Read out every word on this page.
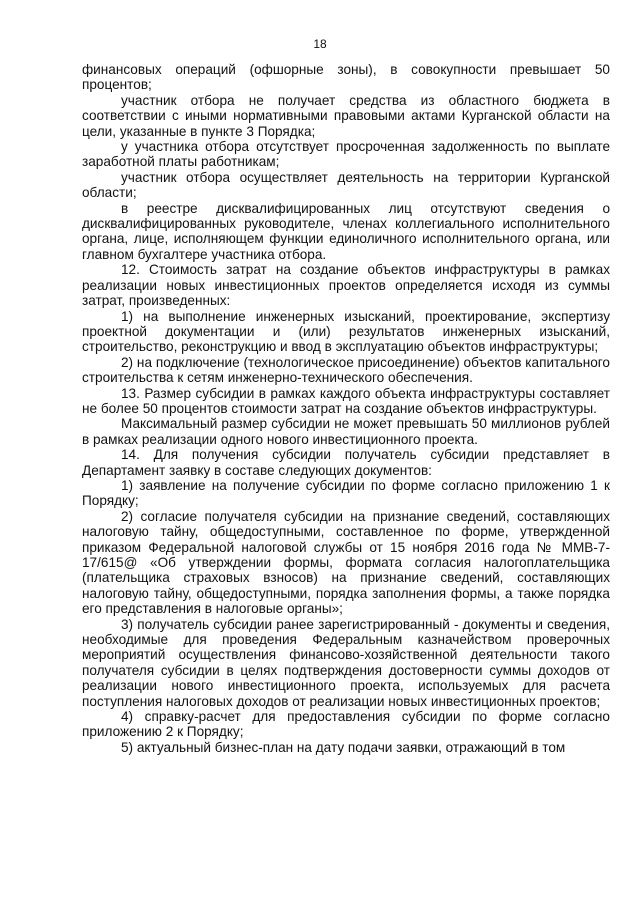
18

финансовых операций (офшорные зоны), в совокупности превышает 50 процентов;

участник отбора не получает средства из областного бюджета в соответствии с иными нормативными правовыми актами Курганской области на цели, указанные в пункте 3 Порядка;

у участника отбора отсутствует просроченная задолженность по выплате заработной платы работникам;

участник отбора осуществляет деятельность на территории Курганской области;

в реестре дисквалифицированных лиц отсутствуют сведения о дисквалифицированных руководителе, членах коллегиального исполнительного органа, лице, исполняющем функции единоличного исполнительного органа, или главном бухгалтере участника отбора.

12. Стоимость затрат на создание объектов инфраструктуры в рамках реализации новых инвестиционных проектов определяется исходя из суммы затрат, произведенных:

1) на выполнение инженерных изысканий, проектирование, экспертизу проектной документации и (или) результатов инженерных изысканий, строительство, реконструкцию и ввод в эксплуатацию объектов инфраструктуры;

2) на подключение (технологическое присоединение) объектов капитального строительства к сетям инженерно-технического обеспечения.

13. Размер субсидии в рамках каждого объекта инфраструктуры составляет не более 50 процентов стоимости затрат на создание объектов инфраструктуры.

Максимальный размер субсидии не может превышать 50 миллионов рублей в рамках реализации одного нового инвестиционного проекта.

14. Для получения субсидии получатель субсидии представляет в Департамент заявку в составе следующих документов:

1) заявление на получение субсидии по форме согласно приложению 1 к Порядку;

2) согласие получателя субсидии на признание сведений, составляющих налоговую тайну, общедоступными, составленное по форме, утвержденной приказом Федеральной налоговой службы от 15 ноября 2016 года № ММВ-7-17/615@ «Об утверждении формы, формата согласия налогоплательщика (плательщика страховых взносов) на признание сведений, составляющих налоговую тайну, общедоступными, порядка заполнения формы, а также порядка его представления в налоговые органы»;

3) получатель субсидии ранее зарегистрированный - документы и сведения, необходимые для проведения Федеральным казначейством проверочных мероприятий осуществления финансово-хозяйственной деятельности такого получателя субсидии в целях подтверждения достоверности суммы доходов от реализации нового инвестиционного проекта, используемых для расчета поступления налоговых доходов от реализации новых инвестиционных проектов;

4) справку-расчет для предоставления субсидии по форме согласно приложению 2 к Порядку;

5) актуальный бизнес-план на дату подачи заявки, отражающий в том
